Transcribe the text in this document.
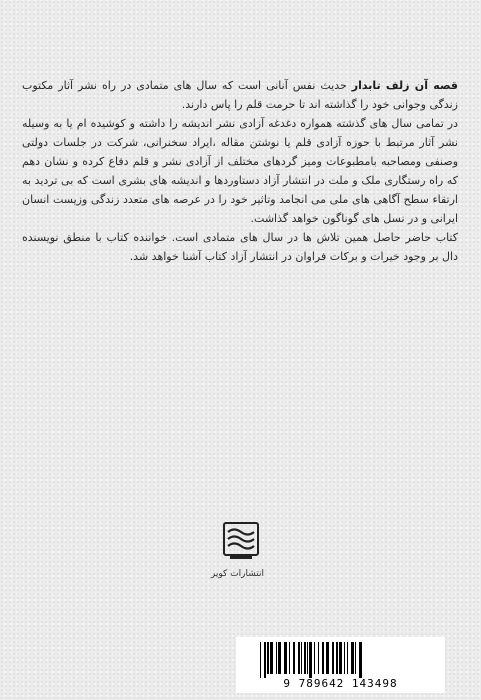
قصه آن زلف تابدار حدیث نفس آنانی است که سال های متمادی در راه نشر آثار مکتوب زندگی وجوانی خود را گذاشته اند تا حرمت قلم را پاس دارند.

در تمامی سال های گذشته همواره دغدغه آزادی نشر اندیشه را داشته و کوشیده ام یا به وسیله نشر آثار مرتبط با حوزه آزادی قلم یا نوشتن مقاله ،ایراد سخنرانی، شرکت در جلسات دولتی وصنفی ومصاحبه بامطبوعات ومیز گردهای مختلف از آزادی نشر و قلم دفاع کرده و نشان دهم که راه رستگاری ملک و ملت در انتشار آزاد دستاوردها و اندیشه های بشری است که بی تردید به ارتقاء سطح آگاهی های ملی می انجامد وتاثیر خود را در عرصه های متعدد زندگی وزیست انسان ایرانی و در نسل های گوناگون خواهد گذاشت.

کتاب حاضر حاصل همین تلاش ها در سال های متمادی است. خواننده کتاب با منطق نویسنده دال بر وجود خیرات و برکات فراوان در انتشار آزاد کتاب آشنا خواهد شد.

انتشارات کویر
9 789642 143498
